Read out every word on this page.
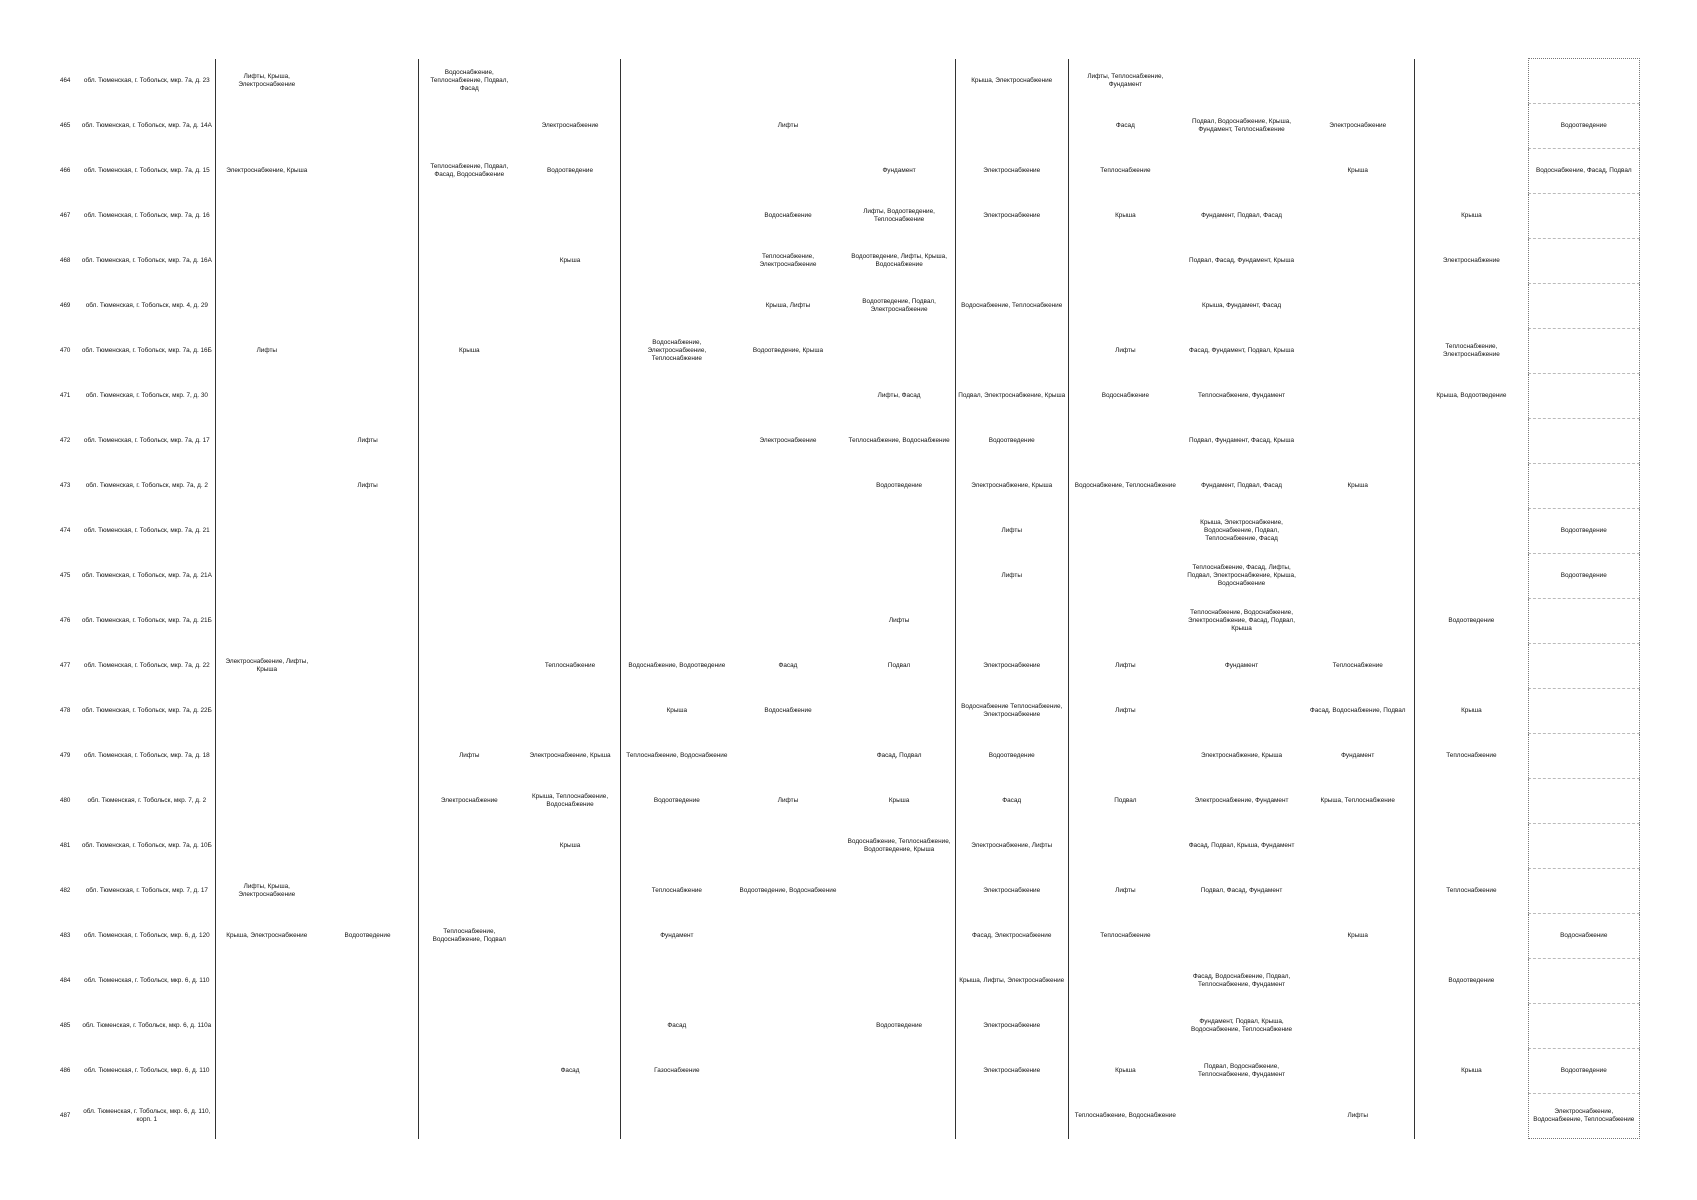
464	обл. Тюменская, г. Тобольск, мкр. 7а, д. 23	Лифты, Крыша, Электроснабжение		Водоснабжение, Теплоснабжение, Подвал, Фасад					Крыша, Электроснабжение	Лифты, Теплоснабжение, Фундамент				
465	обл. Тюменская, г. Тобольск, мкр. 7а, д. 14А				Электроснабжение		Лифты			Фасад	Подвал, Водоснабжение, Крыша, Фундамент, Теплоснабжение	Электроснабжение		Водоотведение
466	обл. Тюменская, г. Тобольск, мкр. 7а, д. 15	Электроснабжение, Крыша		Теплоснабжение, Подвал, Фасад, Водоснабжение	Водоотведение			Фундамент	Электроснабжение	Теплоснабжение		Крыша		Водоснабжение, Фасад, Подвал
467	обл. Тюменская, г. Тобольск, мкр. 7а, д. 16						Водоснабжение	Лифты, Водоотведение, Теплоснабжение	Электроснабжение	Крыша	Фундамент, Подвал, Фасад		Крыша	
468	обл. Тюменская, г. Тобольск, мкр. 7а, д. 16А				Крыша		Теплоснабжение, Электроснабжение	Водоотведение, Лифты, Крыша, Водоснабжение			Подвал, Фасад, Фундамент, Крыша		Электроснабжение	
469	обл. Тюменская, г. Тобольск, мкр. 4, д. 29						Крыша, Лифты	Водоотведение, Подвал, Электроснабжение	Водоснабжение, Теплоснабжение		Крыша, Фундамент, Фасад			
470	обл. Тюменская, г. Тобольск, мкр. 7а, д. 16Б	Лифты		Крыша		Водоснабжение, Электроснабжение, Теплоснабжение	Водоотведение, Крыша			Лифты	Фасад, Фундамент, Подвал, Крыша		Теплоснабжение, Электроснабжение	
471	обл. Тюменская, г. Тобольск, мкр. 7, д. 30							Лифты, Фасад	Подвал, Электроснабжение, Крыша	Водоснабжение	Теплоснабжение, Фундамент		Крыша, Водоотведение	
472	обл. Тюменская, г. Тобольск, мкр. 7а, д. 17		Лифты				Электроснабжение	Теплоснабжение, Водоснабжение	Водоотведение		Подвал, Фундамент, Фасад, Крыша			
473	обл. Тюменская, г. Тобольск, мкр. 7а, д. 2		Лифты					Водоотведение	Электроснабжение, Крыша	Водоснабжение, Теплоснабжение	Фундамент, Подвал, Фасад	Крыша		
474	обл. Тюменская, г. Тобольск, мкр. 7а, д. 21								Лифты		Крыша, Электроснабжение, Водоснабжение, Подвал, Теплоснабжение, Фасад			Водоотведение
475	обл. Тюменская, г. Тобольск, мкр. 7а, д. 21А								Лифты		Теплоснабжение, Фасад, Лифты, Подвал, Электроснабжение, Крыша, Водоснабжение			Водоотведение
476	обл. Тюменская, г. Тобольск, мкр. 7а, д. 21Б							Лифты			Теплоснабжение, Водоснабжение, Электроснабжение, Фасад, Подвал, Крыша		Водоотведение	
477	обл. Тюменская, г. Тобольск, мкр. 7а, д. 22	Электроснабжение, Лифты, Крыша			Теплоснабжение	Водоснабжение, Водоотведение	Фасад	Подвал	Электроснабжение	Лифты	Фундамент	Теплоснабжение		
478	обл. Тюменская, г. Тобольск, мкр. 7а, д. 22Б					Крыша	Водоснабжение		Водоснабжение Теплоснабжение, Электроснабжение	Лифты		Фасад, Водоснабжение, Подвал	Крыша	
479	обл. Тюменская, г. Тобольск, мкр. 7а, д. 18			Лифты	Электроснабжение, Крыша	Теплоснабжение, Водоснабжение		Фасад, Подвал	Водоотведение		Электроснабжение, Крыша	Фундамент	Теплоснабжение	
480	обл. Тюменская, г. Тобольск, мкр. 7, д. 2			Электроснабжение	Крыша, Теплоснабжение, Водоснабжение	Водоотведение	Лифты	Крыша	Фасад	Подвал	Электроснабжение, Фундамент	Крыша, Теплоснабжение		
481	обл. Тюменская, г. Тобольск, мкр. 7а, д. 10Б				Крыша			Водоснабжение, Теплоснабжение, Водоотведение, Крыша	Электроснабжение, Лифты		Фасад, Подвал, Крыша, Фундамент			
482	обл. Тюменская, г. Тобольск, мкр. 7, д. 17	Лифты, Крыша, Электроснабжение				Теплоснабжение	Водоотведение, Водоснабжение		Электроснабжение	Лифты	Подвал, Фасад, Фундамент		Теплоснабжение	
483	обл. Тюменская, г. Тобольск, мкр. 6, д. 120	Крыша, Электроснабжение	Водоотведение	Теплоснабжение, Водоснабжение, Подвал		Фундамент			Фасад, Электроснабжение	Теплоснабжение		Крыша		Водоснабжение
484	обл. Тюменская, г. Тобольск, мкр. 6, д. 110								Крыша, Лифты, Электроснабжение		Фасад, Водоснабжение, Подвал, Теплоснабжение, Фундамент		Водоотведение	
485	обл. Тюменская, г. Тобольск, мкр. 6, д. 110а					Фасад		Водоотведение	Электроснабжение		Фундамент, Подвал, Крыша, Водоснабжение, Теплоснабжение			
486	обл. Тюменская, г. Тобольск, мкр. 6, д. 110				Фасад	Газоснабжение			Электроснабжение	Крыша	Подвал, Водоснабжение, Теплоснабжение, Фундамент		Крыша	Водоотведение
487	обл. Тюменская, г. Тобольск, мкр. 6, д. 110, корп. 1									Теплоснабжение, Водоснабжение		Лифты		Электроснабжение, Водоснабжение, Теплоснабжение
